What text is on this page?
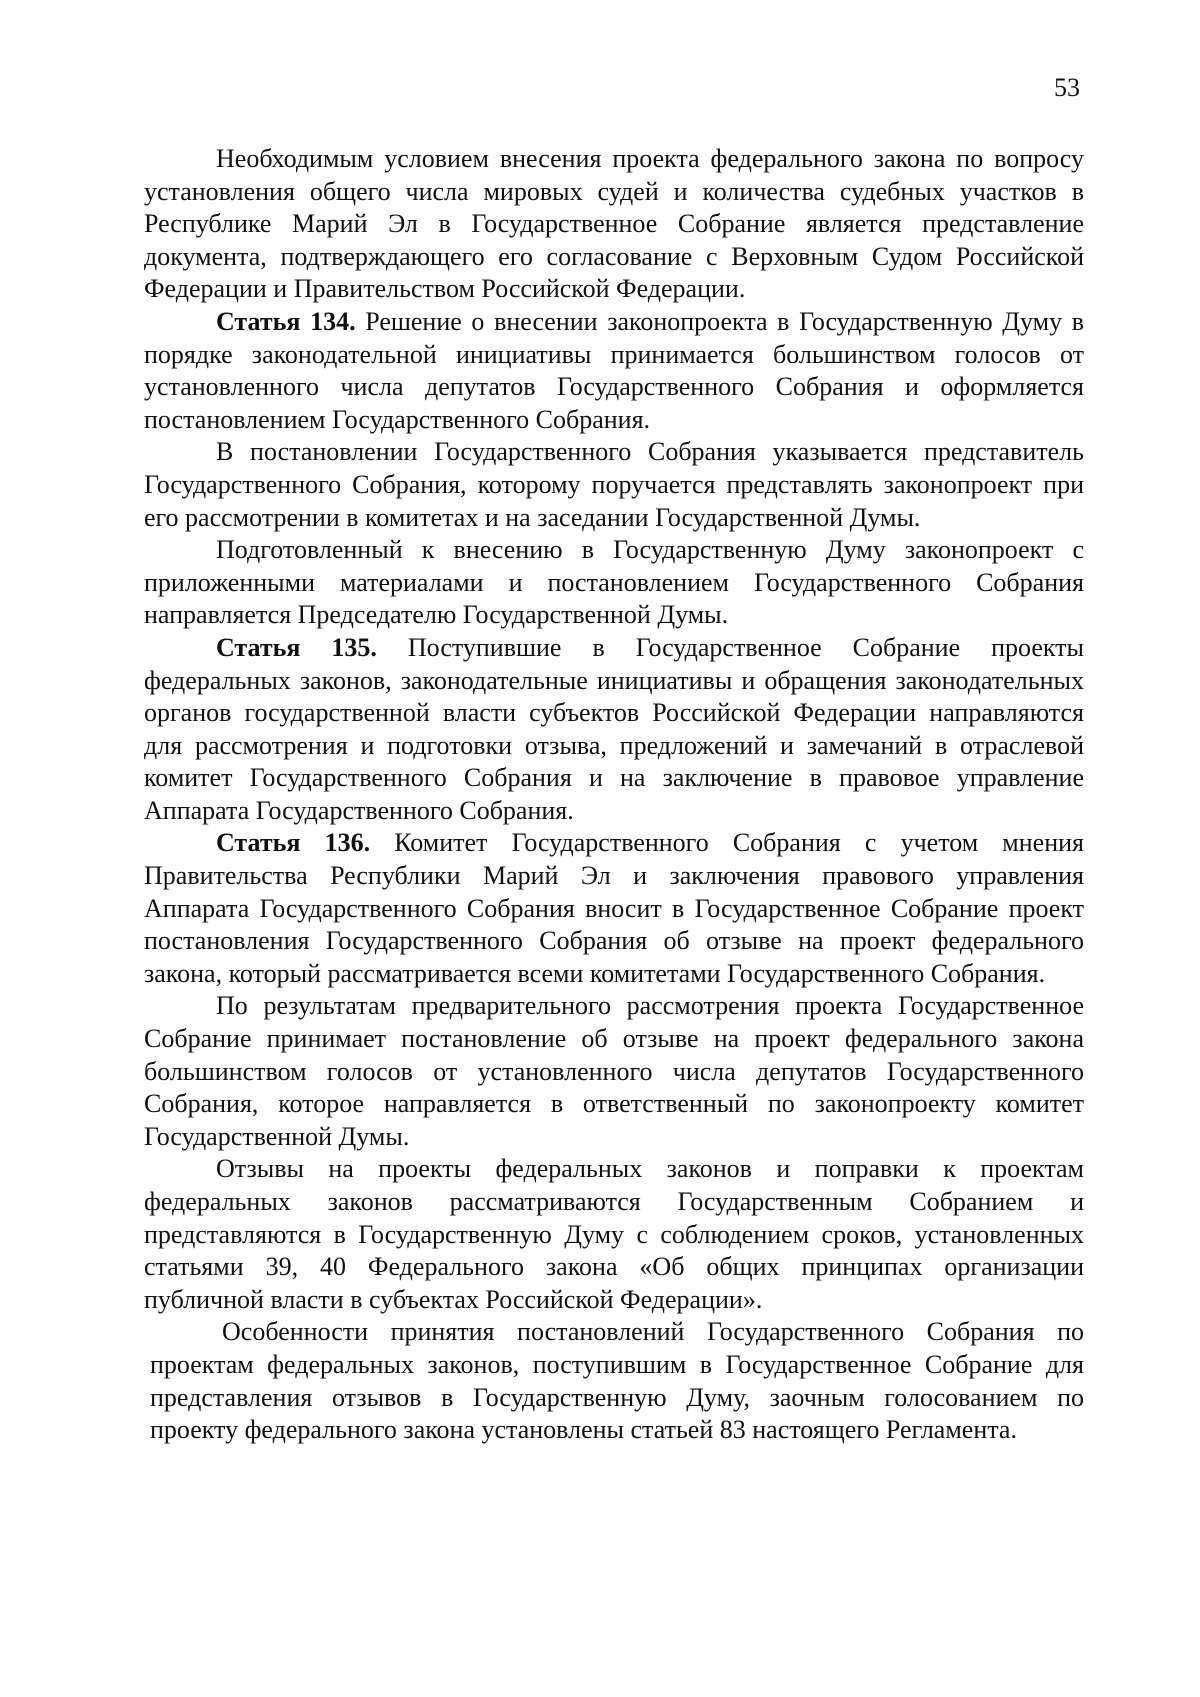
53

Необходимым условием внесения проекта федерального закона по вопросу установления общего числа мировых судей и количества судебных участков в Республике Марий Эл в Государственное Собрание является представление документа, подтверждающего его согласование с Верховным Судом Российской Федерации и Правительством Российской Федерации.

Статья 134. Решение о внесении законопроекта в Государственную Думу в порядке законодательной инициативы принимается большинством голосов от установленного числа депутатов Государственного Собрания и оформляется постановлением Государственного Собрания.

В постановлении Государственного Собрания указывается представитель Государственного Собрания, которому поручается представлять законопроект при его рассмотрении в комитетах и на заседании Государственной Думы.

Подготовленный к внесению в Государственную Думу законопроект с приложенными материалами и постановлением Государственного Собрания направляется Председателю Государственной Думы.

Статья 135. Поступившие в Государственное Собрание проекты федеральных законов, законодательные инициативы и обращения законодательных органов государственной власти субъектов Российской Федерации направляются для рассмотрения и подготовки отзыва, предложений и замечаний в отраслевой комитет Государственного Собрания и на заключение в правовое управление Аппарата Государственного Собрания.

Статья 136. Комитет Государственного Собрания с учетом мнения Правительства Республики Марий Эл и заключения правового управления Аппарата Государственного Собрания вносит в Государственное Собрание проект постановления Государственного Собрания об отзыве на проект федерального закона, который рассматривается всеми комитетами Государственного Собрания.

По результатам предварительного рассмотрения проекта Государственное Собрание принимает постановление об отзыве на проект федерального закона большинством голосов от установленного числа депутатов Государственного Собрания, которое направляется в ответственный по законопроекту комитет Государственной Думы.

Отзывы на проекты федеральных законов и поправки к проектам федеральных законов рассматриваются Государственным Собранием и представляются в Государственную Думу с соблюдением сроков, установленных статьями 39, 40 Федерального закона «Об общих принципах организации публичной власти в субъектах Российской Федерации».

Особенности принятия постановлений Государственного Собрания по проектам федеральных законов, поступившим в Государственное Собрание для представления отзывов в Государственную Думу, заочным голосованием по проекту федерального закона установлены статьей 83 настоящего Регламента.
